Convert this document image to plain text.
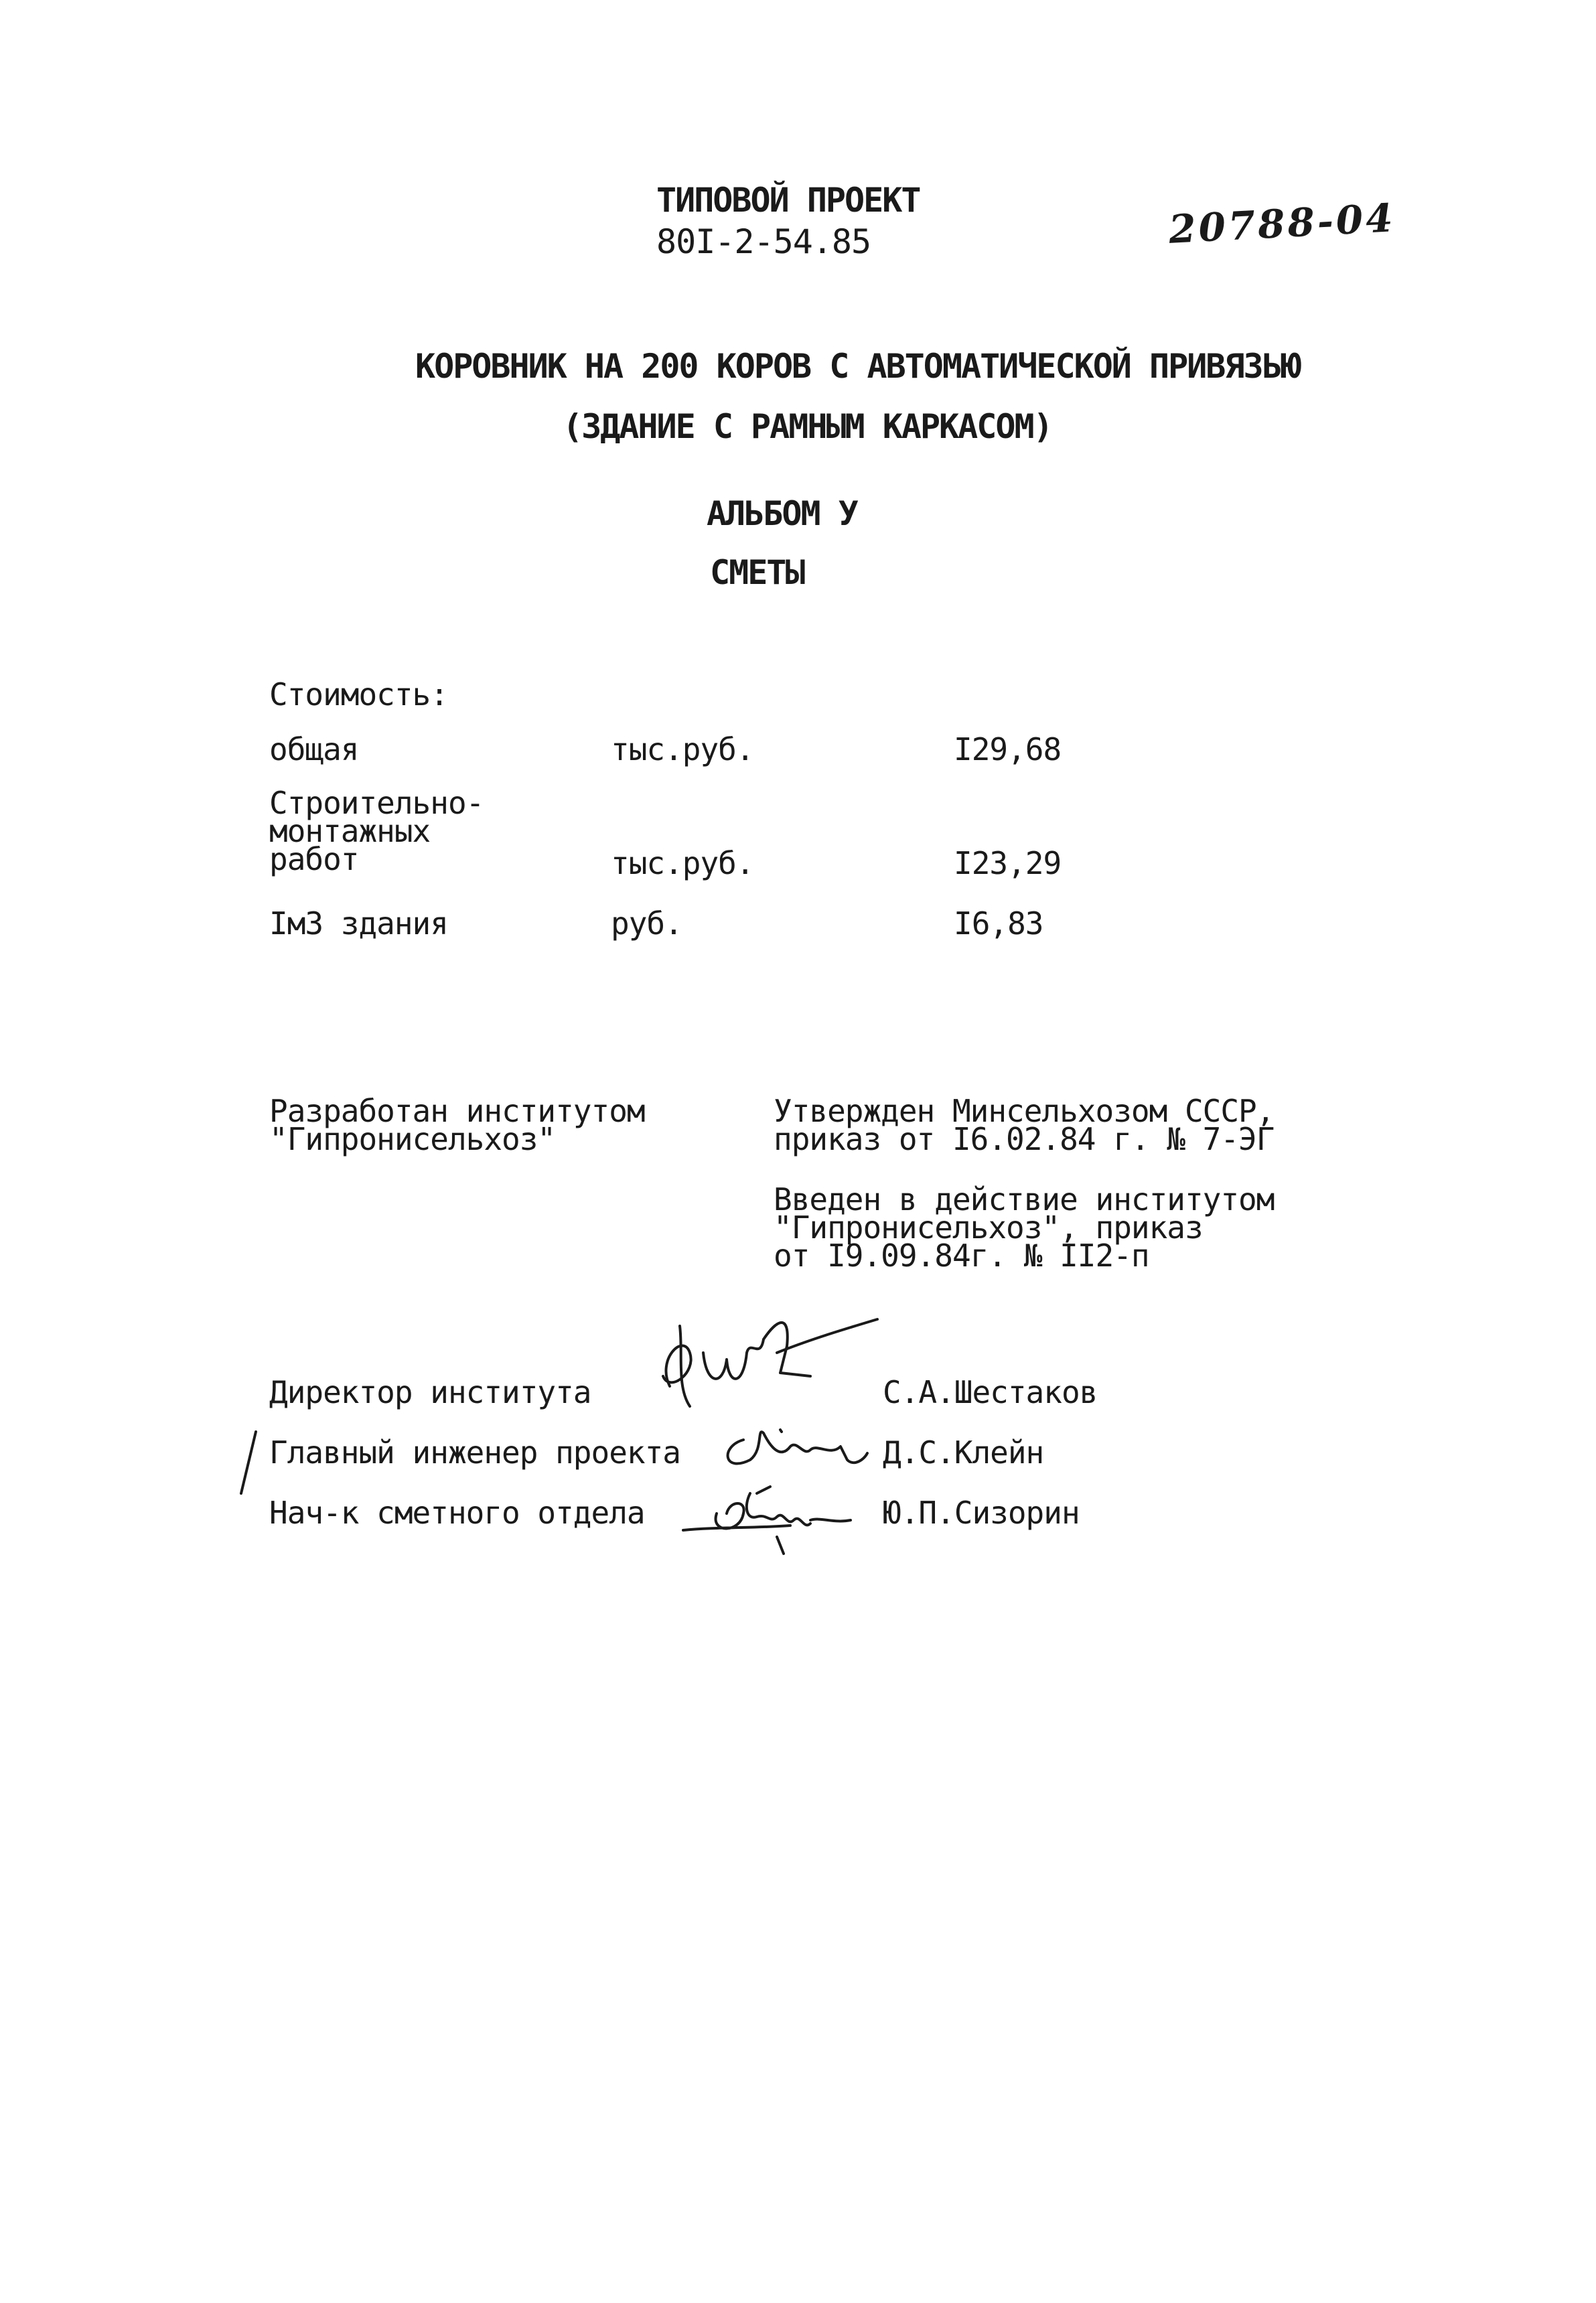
ТИПОВОЙ ПРОЕКТ
80I-2-54.85	20788-04
КОРОВНИК НА 200 КОРОВ С АВТОМАТИЧЕСКОЙ ПРИВЯЗЬЮ
(ЗДАНИЕ С РАМНЫМ КАРКАСОМ)
АЛЬБОМ У
СМЕТЫ
Стоимость:
общая	тыс.руб.	I29,68
Строительно-
монтажных
работ	тыс.руб.	I23,29
Iм3 здания	руб.	I6,83
Разработан институтом
"Гипронисельхоз"
Утвержден Минсельхозом СССР,
приказ от I6.02.84 г. № 7-ЭГ
Введен в действие институтом
"Гипронисельхоз", приказ
от I9.09.84г. № II2-п
Директор института	С.А.Шестаков
Главный инженер проекта	Д.С.Клейн
Нач-к сметного отдела	Ю.П.Сизорин
